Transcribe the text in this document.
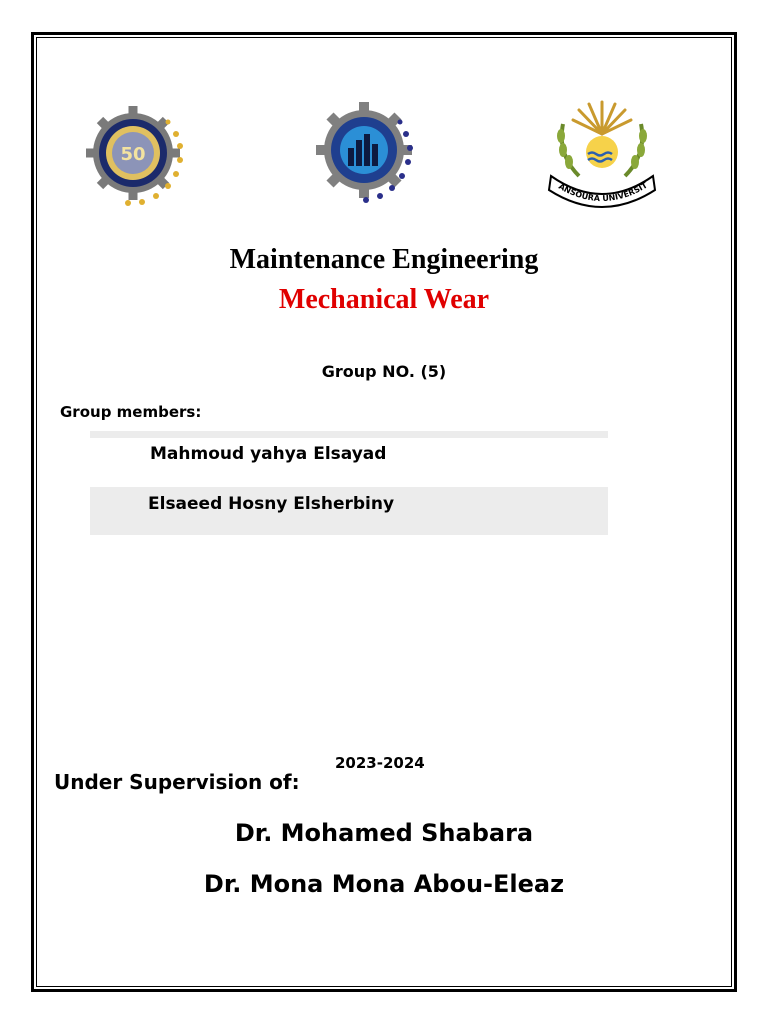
50
ANSOURA UNIVERSIT
Maintenance Engineering
Mechanical Wear
Group NO. (5)
Group members:
Mahmoud yahya Elsayad
Elsaeed Hosny Elsherbiny
2023-2024
Under Supervision of:
Dr. Mohamed Shabara
Dr. Mona Mona Abou-Eleaz
